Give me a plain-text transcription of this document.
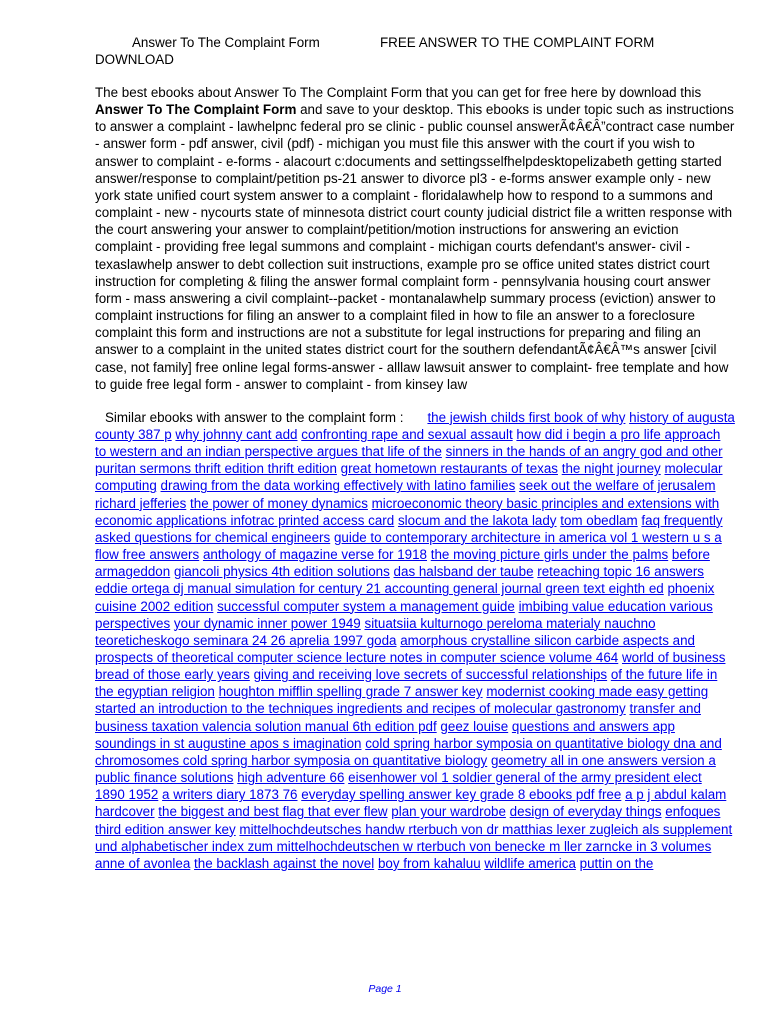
Answer To The Complaint Form	FREE ANSWER TO THE COMPLAINT FORM
DOWNLOAD
The best ebooks about Answer To The Complaint Form that you can get for free here by download this Answer To The Complaint Form and save to your desktop. This ebooks is under topic such as instructions to answer a complaint - lawhelpnc federal pro se clinic - public counsel answerÃ¢Â€Â”contract case number - answer form - pdf answer, civil (pdf) - michigan you must file this answer with the court if you wish to answer to complaint - e-forms - alacourt c:documents and settingsselfhelpdesktopelizabeth getting started answer/response to complaint/petition ps-21 answer to divorce pl3 - e-forms answer example only - new york state unified court system answer to a complaint - floridalawhelp how to respond to a summons and complaint - new - nycourts state of minnesota district court county judicial district file a written response with the court answering your answer to complaint/petition/motion instructions for answering an eviction complaint - providing free legal summons and complaint - michigan courts defendant's answer- civil - texaslawhelp answer to debt collection suit instructions, example pro se office united states district court instruction for completing & filing the answer formal complaint form - pennsylvania housing court answer form - mass answering a civil complaint--packet - montanalawhelp summary process (eviction) answer to complaint instructions for filing an answer to a complaint filed in how to file an answer to a foreclosure complaint this form and instructions are not a substitute for legal instructions for preparing and filing an answer to a complaint in the united states district court for the southern defendantÃ¢Â€Â™s answer [civil case, not family] free online legal forms-answer - alllaw lawsuit answer to complaint- free template and how to guide free legal form - answer to complaint - from kinsey law
Similar ebooks with answer to the complaint form : the jewish childs first book of why history of augusta county 387 p why johnny cant add confronting rape and sexual assault how did i begin a pro life approach to western and an indian perspective argues that life of the sinners in the hands of an angry god and other puritan sermons thrift edition thrift edition great hometown restaurants of texas the night journey molecular computing drawing from the data working effectively with latino families seek out the welfare of jerusalem richard jefferies the power of money dynamics microeconomic theory basic principles and extensions with economic applications infotrac printed access card slocum and the lakota lady tom obedlam faq frequently asked questions for chemical engineers guide to contemporary architecture in america vol 1 western u s a flow free answers anthology of magazine verse for 1918 the moving picture girls under the palms before armageddon giancoli physics 4th edition solutions das halsband der taube reteaching topic 16 answers eddie ortega dj manual simulation for century 21 accounting general journal green text eighth ed phoenix cuisine 2002 edition successful computer system a management guide imbibing value education various perspectives your dynamic inner power 1949 situatsiia kulturnogo pereloma materialy nauchno teoreticheskogo seminara 24 26 aprelia 1997 goda amorphous crystalline silicon carbide aspects and prospects of theoretical computer science lecture notes in computer science volume 464 world of business bread of those early years giving and receiving love secrets of successful relationships of the future life in the egyptian religion houghton mifflin spelling grade 7 answer key modernist cooking made easy getting started an introduction to the techniques ingredients and recipes of molecular gastronomy transfer and business taxation valencia solution manual 6th edition pdf geez louise questions and answers app soundings in st augustine apos s imagination cold spring harbor symposia on quantitative biology dna and chromosomes cold spring harbor symposia on quantitative biology geometry all in one answers version a public finance solutions high adventure 66 eisenhower vol 1 soldier general of the army president elect 1890 1952 a writers diary 1873 76 everyday spelling answer key grade 8 ebooks pdf free a p j abdul kalam hardcover the biggest and best flag that ever flew plan your wardrobe design of everyday things enfoques third edition answer key mittelhochdeutsches handw rterbuch von dr matthias lexer zugleich als supplement und alphabetischer index zum mittelhochdeutschen w rterbuch von benecke m ller zarncke in 3 volumes anne of avonlea the backlash against the novel boy from kahaluu wildlife america puttin on the
Page 1
